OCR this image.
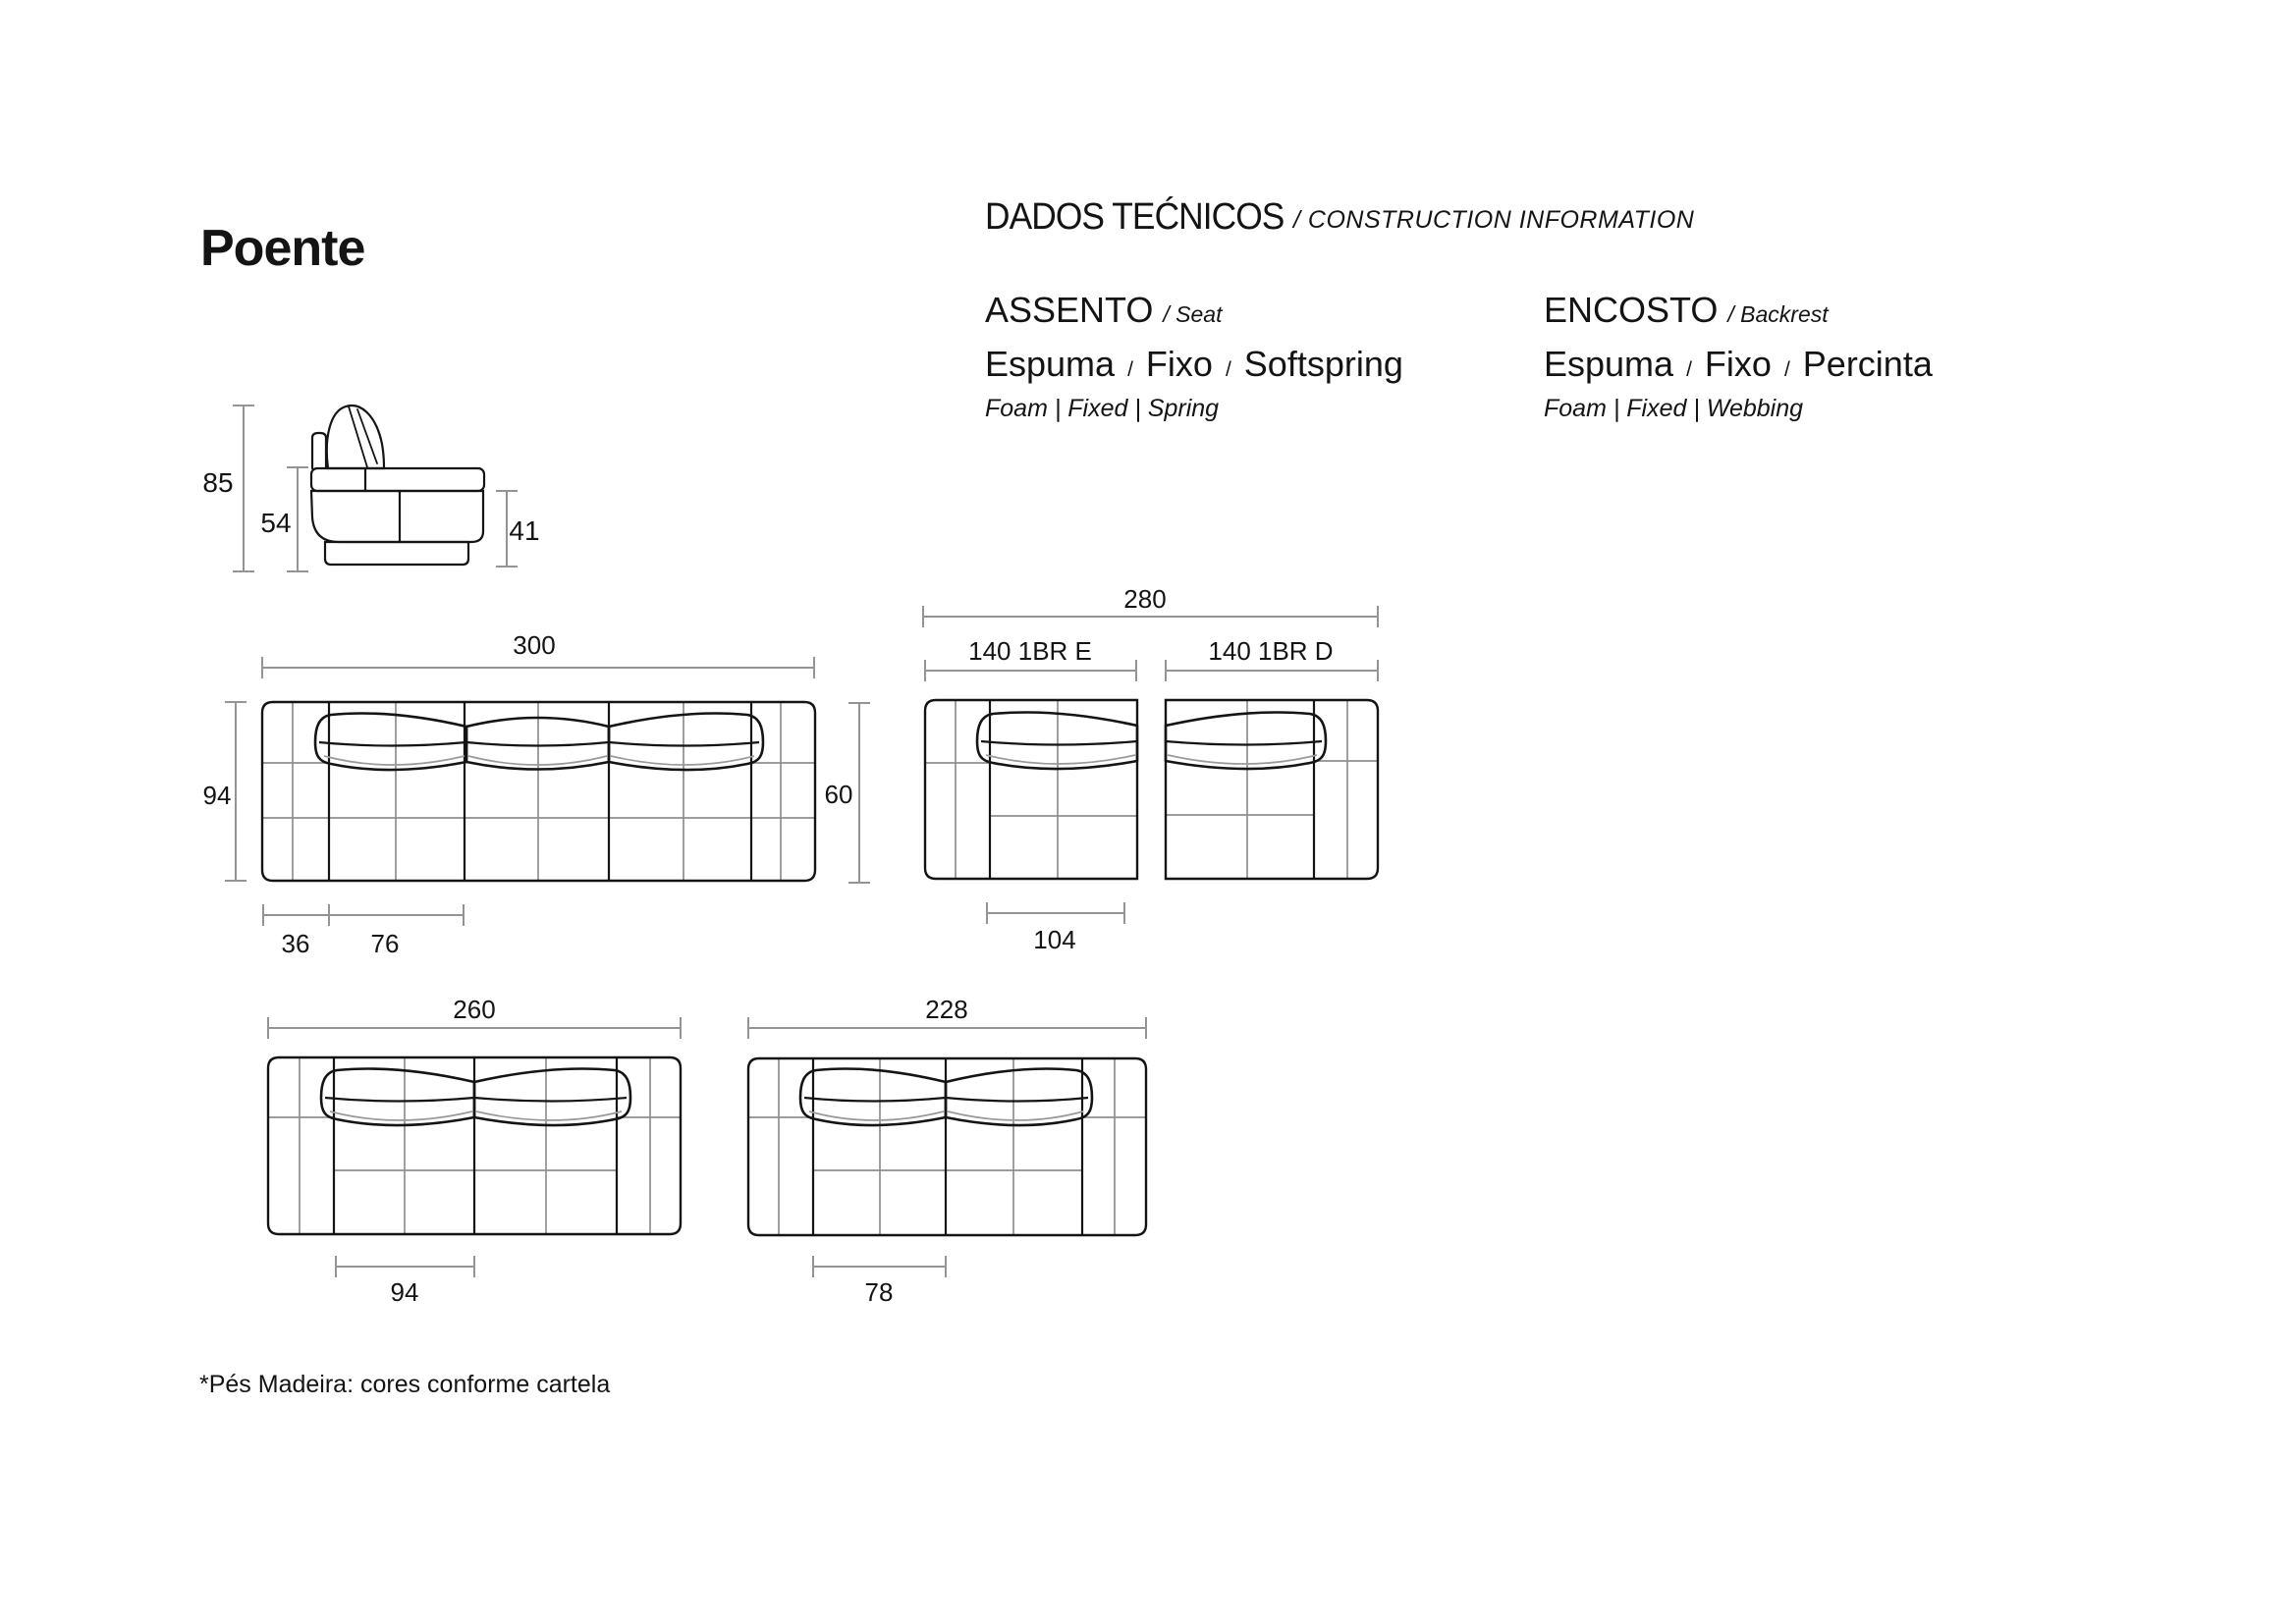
Poente
DADOS TEĆNICOS / CONSTRUCTION INFORMATION
ASSENTO / Seat
Espuma / Fixo / Softspring
Foam | Fixed | Spring
ENCOSTO / Backrest
Espuma / Fixo / Percinta
Foam | Fixed | Webbing
85
54	41
300
94	60
36 76
280
140 1BR E	140 1BR D
104
260
94
228
78
*Pés Madeira: cores conforme cartela
